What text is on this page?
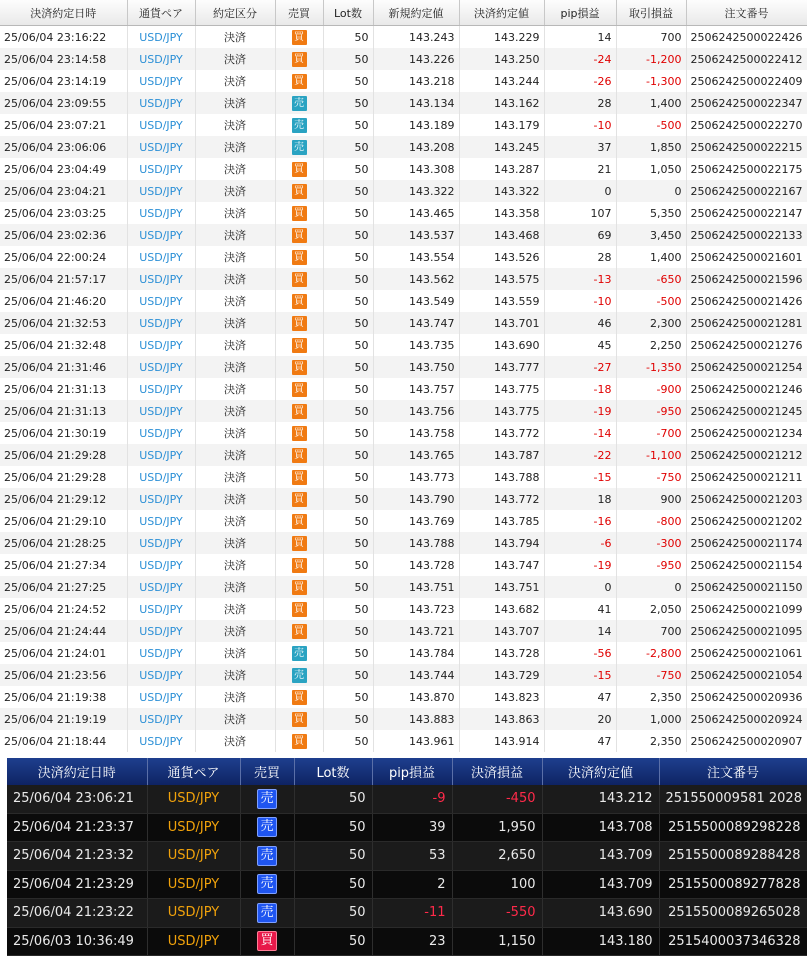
決済約定日時	通貨ペア	約定区分	売買	Lot数	新規約定値	決済約定値	pip損益	取引損益	注文番号
25/06/04 23:16:22	USD/JPY	決済	買	50	143.243	143.229	14	700	2506242500022426
25/06/04 23:14:58	USD/JPY	決済	買	50	143.226	143.250	-24	-1,200	2506242500022412
25/06/04 23:14:19	USD/JPY	決済	買	50	143.218	143.244	-26	-1,300	2506242500022409
25/06/04 23:09:55	USD/JPY	決済	売	50	143.134	143.162	28	1,400	2506242500022347
25/06/04 23:07:21	USD/JPY	決済	売	50	143.189	143.179	-10	-500	2506242500022270
25/06/04 23:06:06	USD/JPY	決済	売	50	143.208	143.245	37	1,850	2506242500022215
25/06/04 23:04:49	USD/JPY	決済	買	50	143.308	143.287	21	1,050	2506242500022175
25/06/04 23:04:21	USD/JPY	決済	買	50	143.322	143.322	0	0	2506242500022167
25/06/04 23:03:25	USD/JPY	決済	買	50	143.465	143.358	107	5,350	2506242500022147
25/06/04 23:02:36	USD/JPY	決済	買	50	143.537	143.468	69	3,450	2506242500022133
25/06/04 22:00:24	USD/JPY	決済	買	50	143.554	143.526	28	1,400	2506242500021601
25/06/04 21:57:17	USD/JPY	決済	買	50	143.562	143.575	-13	-650	2506242500021596
25/06/04 21:46:20	USD/JPY	決済	買	50	143.549	143.559	-10	-500	2506242500021426
25/06/04 21:32:53	USD/JPY	決済	買	50	143.747	143.701	46	2,300	2506242500021281
25/06/04 21:32:48	USD/JPY	決済	買	50	143.735	143.690	45	2,250	2506242500021276
25/06/04 21:31:46	USD/JPY	決済	買	50	143.750	143.777	-27	-1,350	2506242500021254
25/06/04 21:31:13	USD/JPY	決済	買	50	143.757	143.775	-18	-900	2506242500021246
25/06/04 21:31:13	USD/JPY	決済	買	50	143.756	143.775	-19	-950	2506242500021245
25/06/04 21:30:19	USD/JPY	決済	買	50	143.758	143.772	-14	-700	2506242500021234
25/06/04 21:29:28	USD/JPY	決済	買	50	143.765	143.787	-22	-1,100	2506242500021212
25/06/04 21:29:28	USD/JPY	決済	買	50	143.773	143.788	-15	-750	2506242500021211
25/06/04 21:29:12	USD/JPY	決済	買	50	143.790	143.772	18	900	2506242500021203
25/06/04 21:29:10	USD/JPY	決済	買	50	143.769	143.785	-16	-800	2506242500021202
25/06/04 21:28:25	USD/JPY	決済	買	50	143.788	143.794	-6	-300	2506242500021174
25/06/04 21:27:34	USD/JPY	決済	買	50	143.728	143.747	-19	-950	2506242500021154
25/06/04 21:27:25	USD/JPY	決済	買	50	143.751	143.751	0	0	2506242500021150
25/06/04 21:24:52	USD/JPY	決済	買	50	143.723	143.682	41	2,050	2506242500021099
25/06/04 21:24:44	USD/JPY	決済	買	50	143.721	143.707	14	700	2506242500021095
25/06/04 21:24:01	USD/JPY	決済	売	50	143.784	143.728	-56	-2,800	2506242500021061
25/06/04 21:23:56	USD/JPY	決済	売	50	143.744	143.729	-15	-750	2506242500021054
25/06/04 21:19:38	USD/JPY	決済	買	50	143.870	143.823	47	2,350	2506242500020936
25/06/04 21:19:19	USD/JPY	決済	買	50	143.883	143.863	20	1,000	2506242500020924
25/06/04 21:18:44	USD/JPY	決済	買	50	143.961	143.914	47	2,350	2506242500020907
決済約定日時	通貨ペア	売買	Lot数	pip損益	決済損益	決済約定値	注文番号
25/06/04 23:06:21	USD/JPY	売	50	-9	-450	143.212	251550009581 2028
25/06/04 21:23:37	USD/JPY	売	50	39	1,950	143.708	2515500089298228
25/06/04 21:23:32	USD/JPY	売	50	53	2,650	143.709	2515500089288428
25/06/04 21:23:29	USD/JPY	売	50	2	100	143.709	2515500089277828
25/06/04 21:23:22	USD/JPY	売	50	-11	-550	143.690	2515500089265028
25/06/03 10:36:49	USD/JPY	買	50	23	1,150	143.180	2515400037346328
